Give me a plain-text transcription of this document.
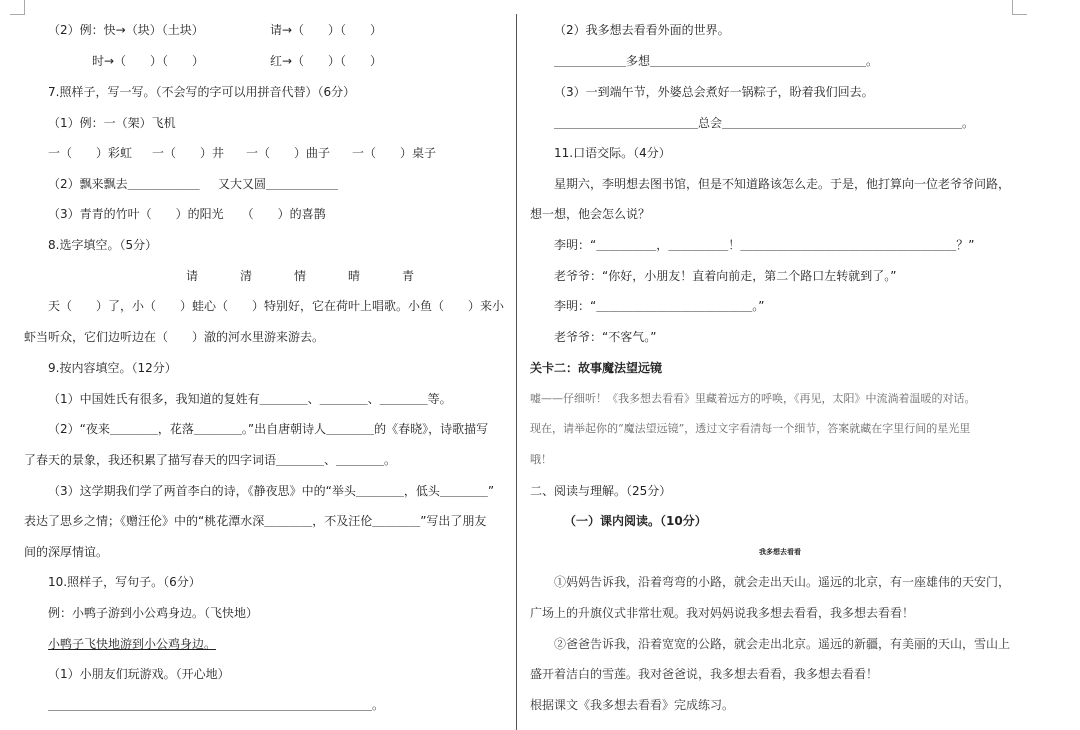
（2）例：快→（块）（土块）	请→（　　）（　　）
时→（　　）（　　）	红→（　　）（　　）
7.照样子，写一写。（不会写的字可以用拼音代替）（6分）
（1）例：一（架）飞机
一（　　）彩虹 一（　　）井 一（　　）曲子 一（　　）桌子
（2）飘来飘去＿＿＿＿＿＿ 又大又圆＿＿＿＿＿＿
（3）青青的竹叶（　　）的阳光　　（　　）的喜鹊
8.选字填空。（5分）
请	清	情	晴	青
天（　　）了，小（　　）蛙心（　　）特别好，它在荷叶上唱歌。小鱼（　　）来小
虾当听众，它们边听边在（　　）澈的河水里游来游去。
9.按内容填空。（12分）
（1）中国姓氏有很多，我知道的复姓有＿＿＿＿、＿＿＿＿、＿＿＿＿等。
（2）“夜来＿＿＿＿，花落＿＿＿＿。”出自唐朝诗人＿＿＿＿的《春晓》，诗歌描写
了春天的景象，我还积累了描写春天的四字词语＿＿＿＿、＿＿＿＿。
（3）这学期我们学了两首李白的诗，《静夜思》中的“举头＿＿＿＿，低头＿＿＿＿”
表达了思乡之情；《赠汪伦》中的“桃花潭水深＿＿＿＿，不及汪伦＿＿＿＿”写出了朋友
间的深厚情谊。
10.照样子，写句子。（6分）
例：小鸭子游到小公鸡身边。（飞快地）
小鸭子飞快地游到小公鸡身边。
（1）小朋友们玩游戏。（开心地）
＿＿＿＿＿＿＿＿＿＿＿＿＿＿＿＿＿＿＿＿＿＿＿＿＿＿＿。
（2）我多想去看看外面的世界。
＿＿＿＿＿＿多想＿＿＿＿＿＿＿＿＿＿＿＿＿＿＿＿＿＿。
（3）一到端午节，外婆总会煮好一锅粽子，盼着我们回去。
＿＿＿＿＿＿＿＿＿＿＿＿总会＿＿＿＿＿＿＿＿＿＿＿＿＿＿＿＿＿＿＿＿。
11.口语交际。（4分）
星期六，李明想去图书馆，但是不知道路该怎么走。于是，他打算向一位老爷爷问路，
想一想，他会怎么说？
李明：“＿＿＿＿＿，＿＿＿＿＿！＿＿＿＿＿＿＿＿＿＿＿＿＿＿＿＿＿＿？”
老爷爷：“你好，小朋友！直着向前走，第二个路口左转就到了。”
李明：“＿＿＿＿＿＿＿＿＿＿＿＿＿。”
老爷爷：“不客气。”
关卡二：故事魔法望远镜
嘘——仔细听！《我多想去看看》里藏着远方的呼唤，《再见，太阳》中流淌着温暖的对话。
现在，请举起你的“魔法望远镜”，透过文字看清每一个细节，答案就藏在字里行间的星光里
哦！
二、阅读与理解。（25分）
（一）课内阅读。（10分）
我多想去看看
①妈妈告诉我，沿着弯弯的小路，就会走出天山。遥远的北京，有一座雄伟的天安门，
广场上的升旗仪式非常壮观。我对妈妈说我多想去看看，我多想去看看！
②爸爸告诉我，沿着宽宽的公路，就会走出北京。遥远的新疆，有美丽的天山，雪山上
盛开着洁白的雪莲。我对爸爸说，我多想去看看，我多想去看看！
根据课文《我多想去看看》完成练习。
